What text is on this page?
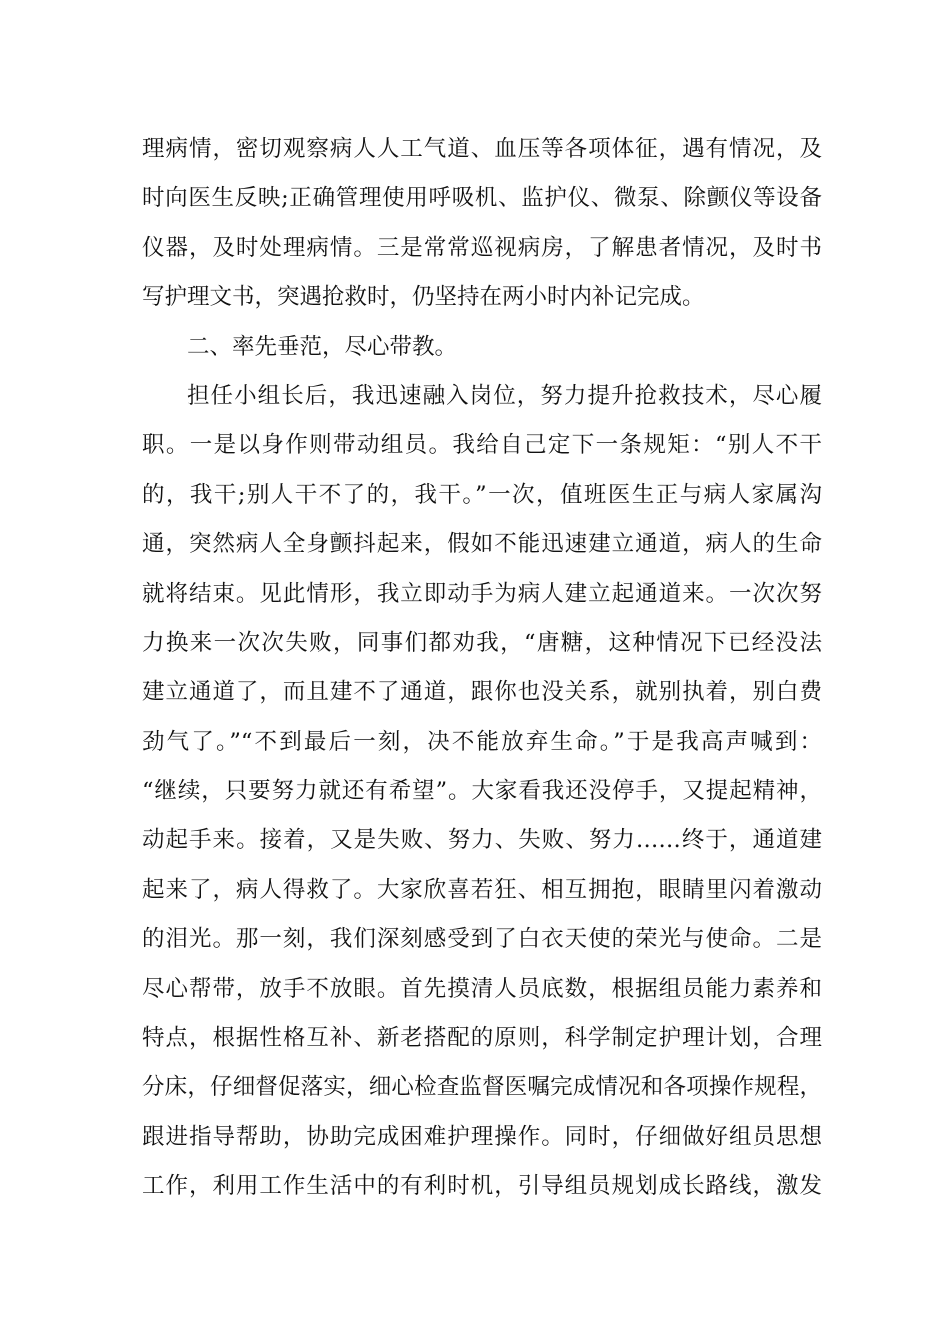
理病情，密切观察病人人工气道、血压等各项体征，遇有情况，及
时向医生反映;正确管理使用呼吸机、监护仪、微泵、除颤仪等设备
仪器，及时处理病情。三是常常巡视病房，了解患者情况，及时书
写护理文书，突遇抢救时，仍坚持在两小时内补记完成。
二、率先垂范，尽心带教。
担任小组长后，我迅速融入岗位，努力提升抢救技术，尽心履
职。一是以身作则带动组员。我给自己定下一条规矩：“别人不干
的，我干;别人干不了的，我干。”一次，值班医生正与病人家属沟
通，突然病人全身颤抖起来，假如不能迅速建立通道，病人的生命
就将结束。见此情形，我立即动手为病人建立起通道来。一次次努
力换来一次次失败，同事们都劝我，“唐糖，这种情况下已经没法
建立通道了，而且建不了通道，跟你也没关系，就别执着，别白费
劲气了。”“不到最后一刻，决不能放弃生命。”于是我高声喊到：
“继续，只要努力就还有希望”。大家看我还没停手，又提起精神，
动起手来。接着，又是失败、努力、失败、努力……终于，通道建
起来了，病人得救了。大家欣喜若狂、相互拥抱，眼睛里闪着激动
的泪光。那一刻，我们深刻感受到了白衣天使的荣光与使命。二是
尽心帮带，放手不放眼。首先摸清人员底数，根据组员能力素养和
特点，根据性格互补、新老搭配的原则，科学制定护理计划，合理
分床，仔细督促落实，细心检查监督医嘱完成情况和各项操作规程，
跟进指导帮助，协助完成困难护理操作。同时，仔细做好组员思想
工作，利用工作生活中的有利时机，引导组员规划成长路线，激发
